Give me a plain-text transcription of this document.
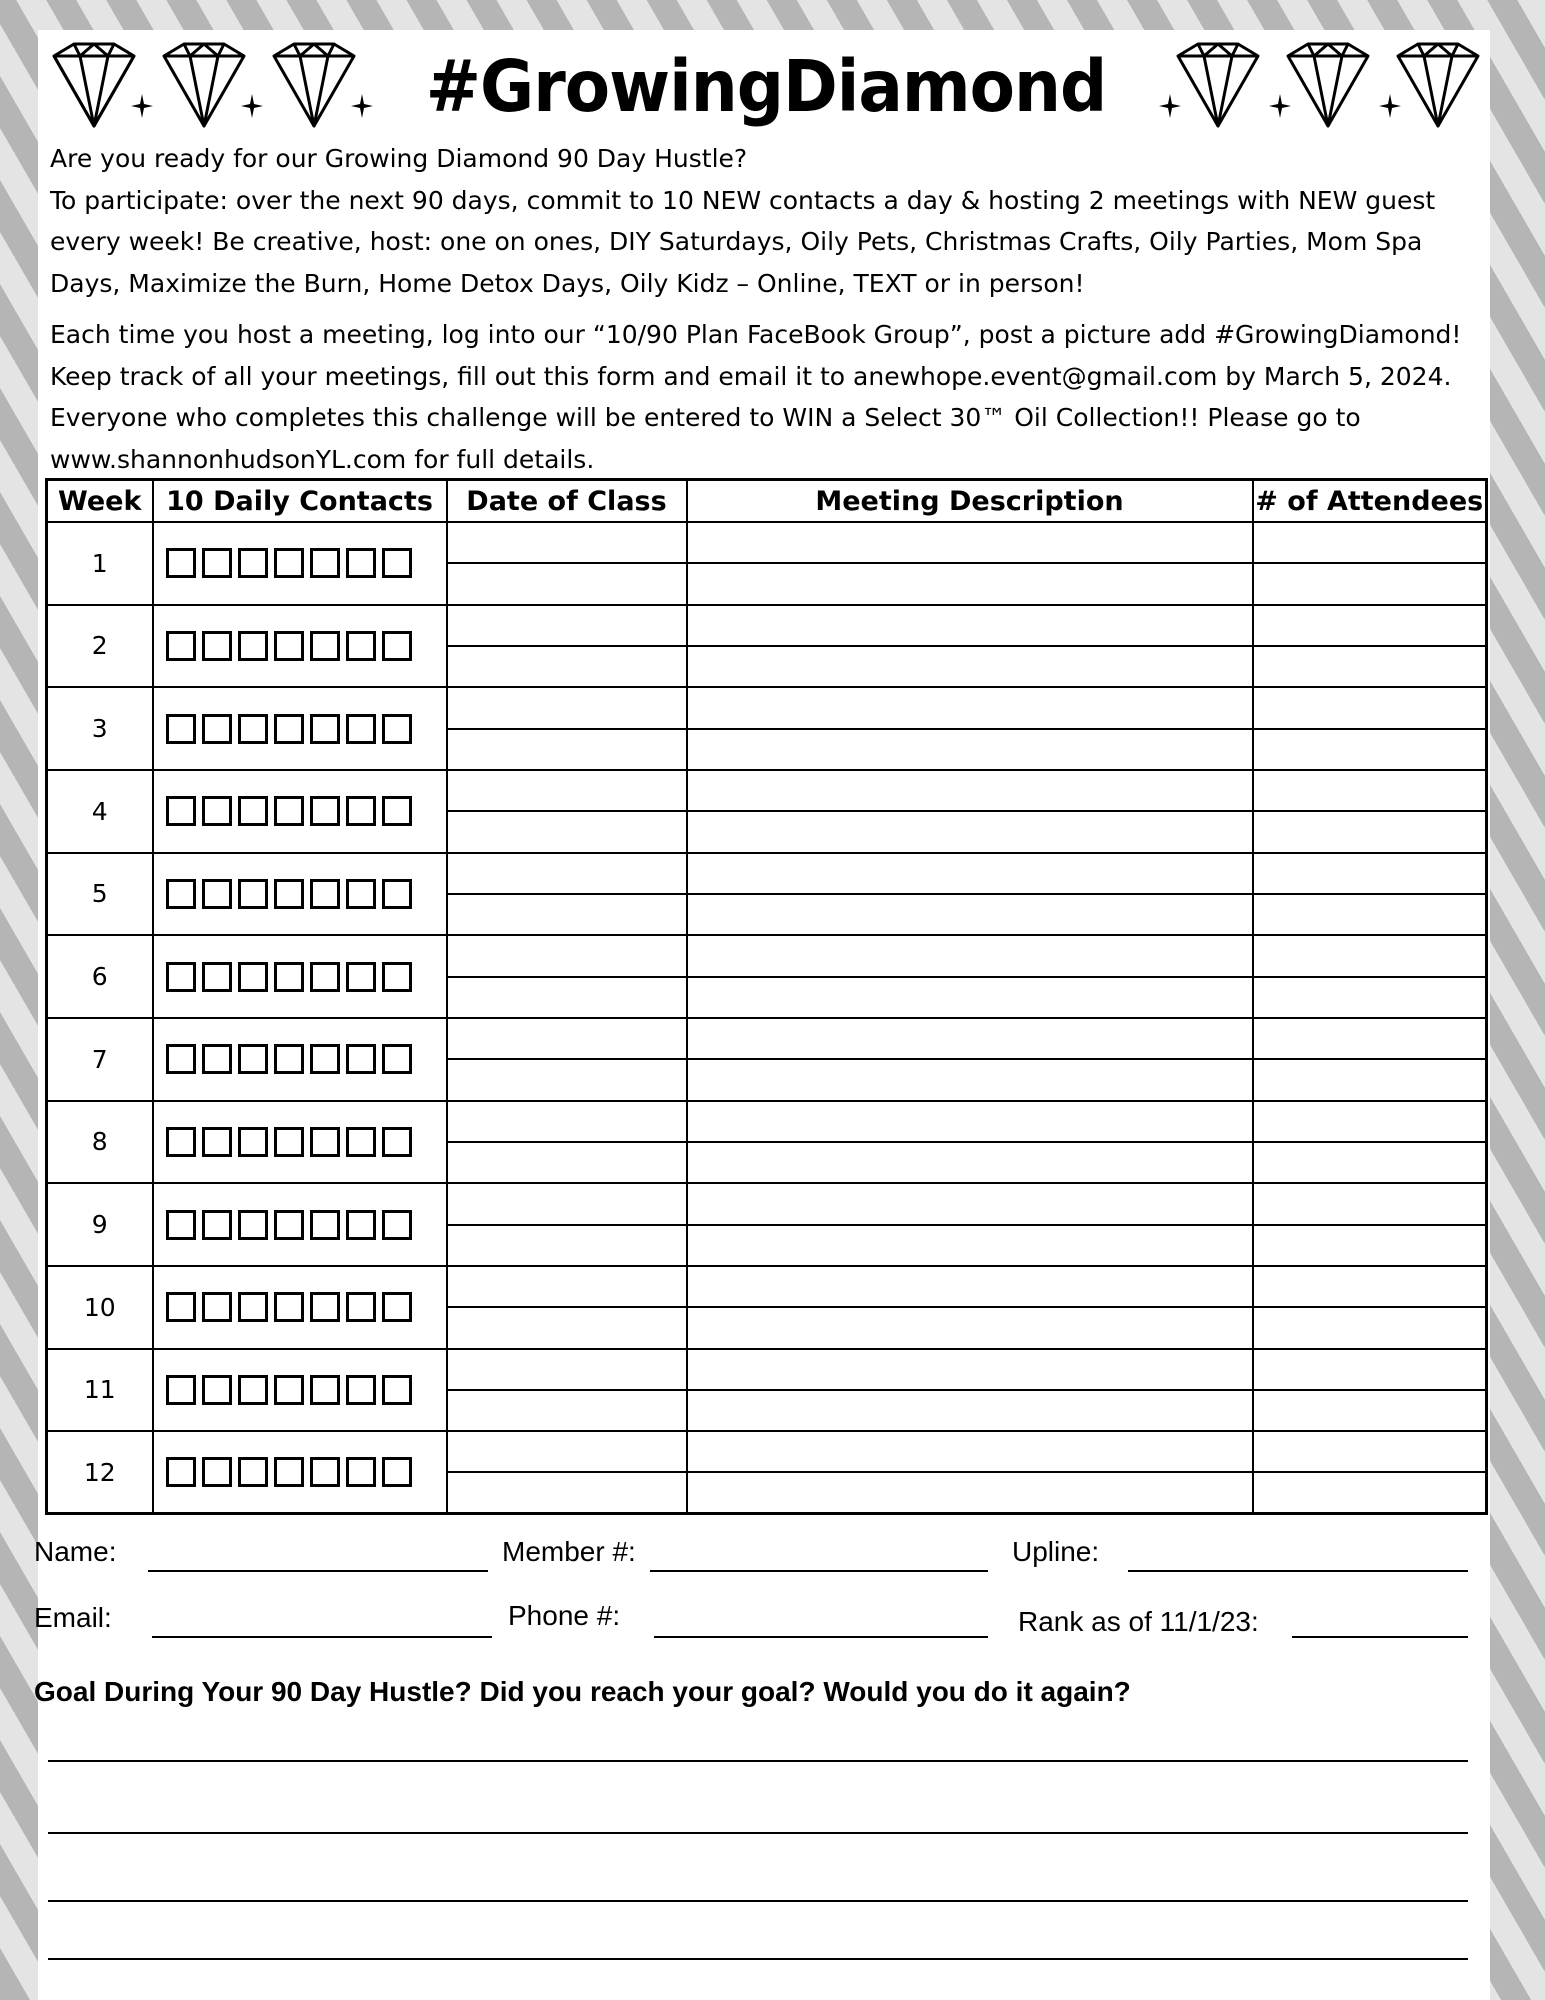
#GrowingDiamond

Are you ready for our Growing Diamond 90 Day Hustle?

To participate: over the next 90 days, commit to 10 NEW contacts a day & hosting 2 meetings with NEW guest every week! Be creative, host: one on ones, DIY Saturdays, Oily Pets, Christmas Crafts, Oily Parties, Mom Spa Days, Maximize the Burn, Home Detox Days, Oily Kidz – Online, TEXT or in person!

Each time you host a meeting, log into our “10/90 Plan FaceBook Group”, post a picture add #GrowingDiamond! Keep track of all your meetings, fill out this form and email it to anewhope.event@gmail.com by March 5, 2024. Everyone who completes this challenge will be entered to WIN a Select 30™ Oil Collection!! Please go to www.shannonhudsonYL.com for full details.

Week	10 Daily Contacts	Date of Class	Meeting Description	# of Attendees
1	

2	

3	

4	

5	

6	

7	

8	

9	

10	

11	

12	

Name:	Member #:	Upline:
Email:	Phone #:	Rank as of 11/1/23:
Goal During Your 90 Day Hustle? Did you reach your goal? Would you do it again?
